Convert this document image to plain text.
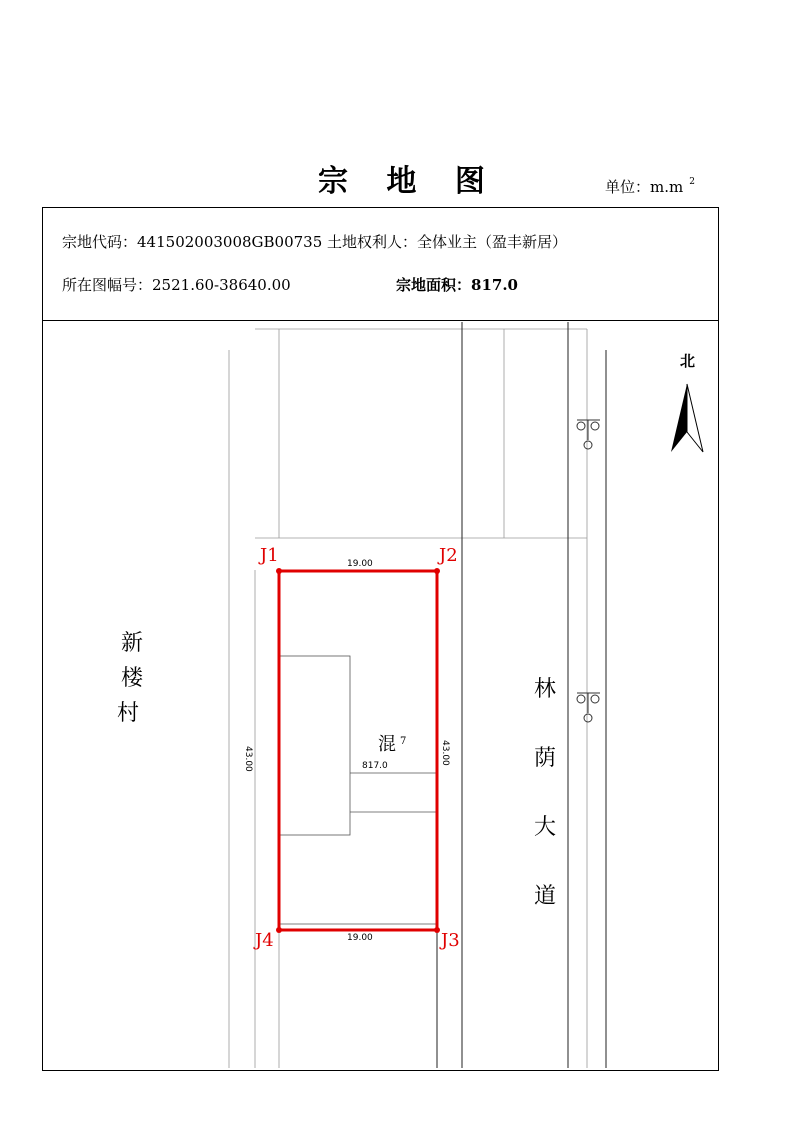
宗 地 图	单位：m.m $^2$
宗地代码：441502003008GB00735 土地权利人：全体业主（盈丰新居）
所在图幅号：2521.60-38640.00	宗地面积：817.0
北
J1	J2
J3
J4
19.00
19.00
43.00	43.00
混 $^7$
817.0
新
楼
村
林
荫
大
道
